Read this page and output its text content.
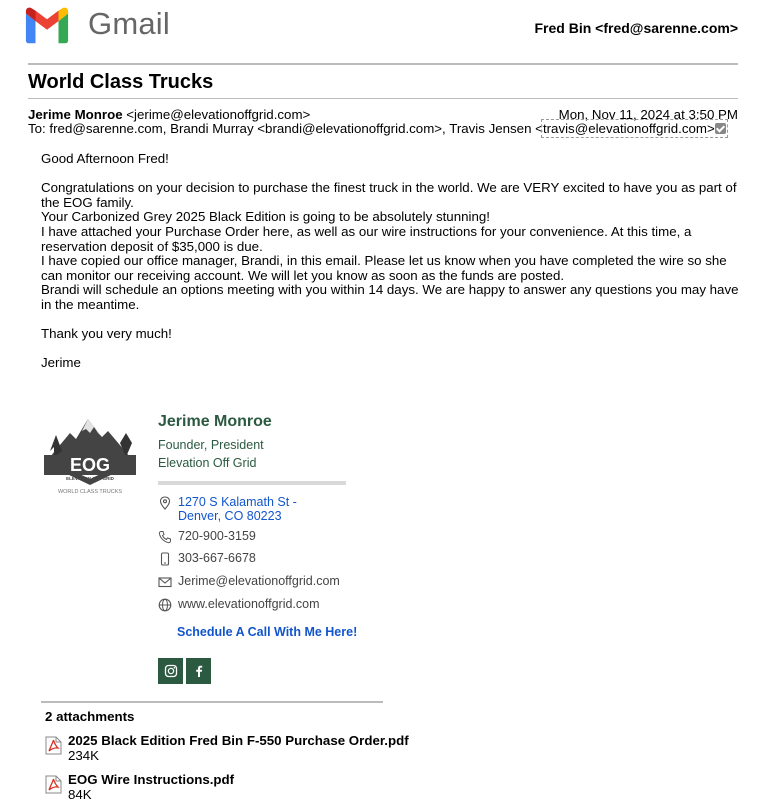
Gmail	Fred Bin <fred@sarenne.com>
World Class Trucks
Jerime Monroe <jerime@elevationoffgrid.com>	Mon, Nov 11, 2024 at 3:50 PM
To: fred@sarenne.com, Brandi Murray <brandi@elevationoffgrid.com>, Travis Jensen <travis@elevationoffgrid.com>

Good Afternoon Fred!

Congratulations on your decision to purchase the finest truck in the world. We are VERY excited to have you as part of the EOG family.

Your Carbonized Grey 2025 Black Edition is going to be absolutely stunning!

I have attached your Purchase Order here, as well as our wire instructions for your convenience. At this time, a reservation deposit of $35,000 is due.

I have copied our office manager, Brandi, in this email. Please let us know when you have completed the wire so she can monitor our receiving account. We will let you know as soon as the funds are posted.

Brandi will schedule an options meeting with you within 14 days. We are happy to answer any questions you may have in the meantime.

Thank you very much!

Jerime

EOG
ELEVATION OFF GRID
WORLD CLASS TRUCKS
Jerime Monroe
Founder, President
Elevation Off Grid
1270 S Kalamath St -
Denver, CO 80223
720-900-3159
303-667-6678
Jerime@elevationoffgrid.com
www.elevationoffgrid.com
Schedule A Call With Me Here!
2 attachments
2025 Black Edition Fred Bin F-550 Purchase Order.pdf
234K
EOG Wire Instructions.pdf
84K
